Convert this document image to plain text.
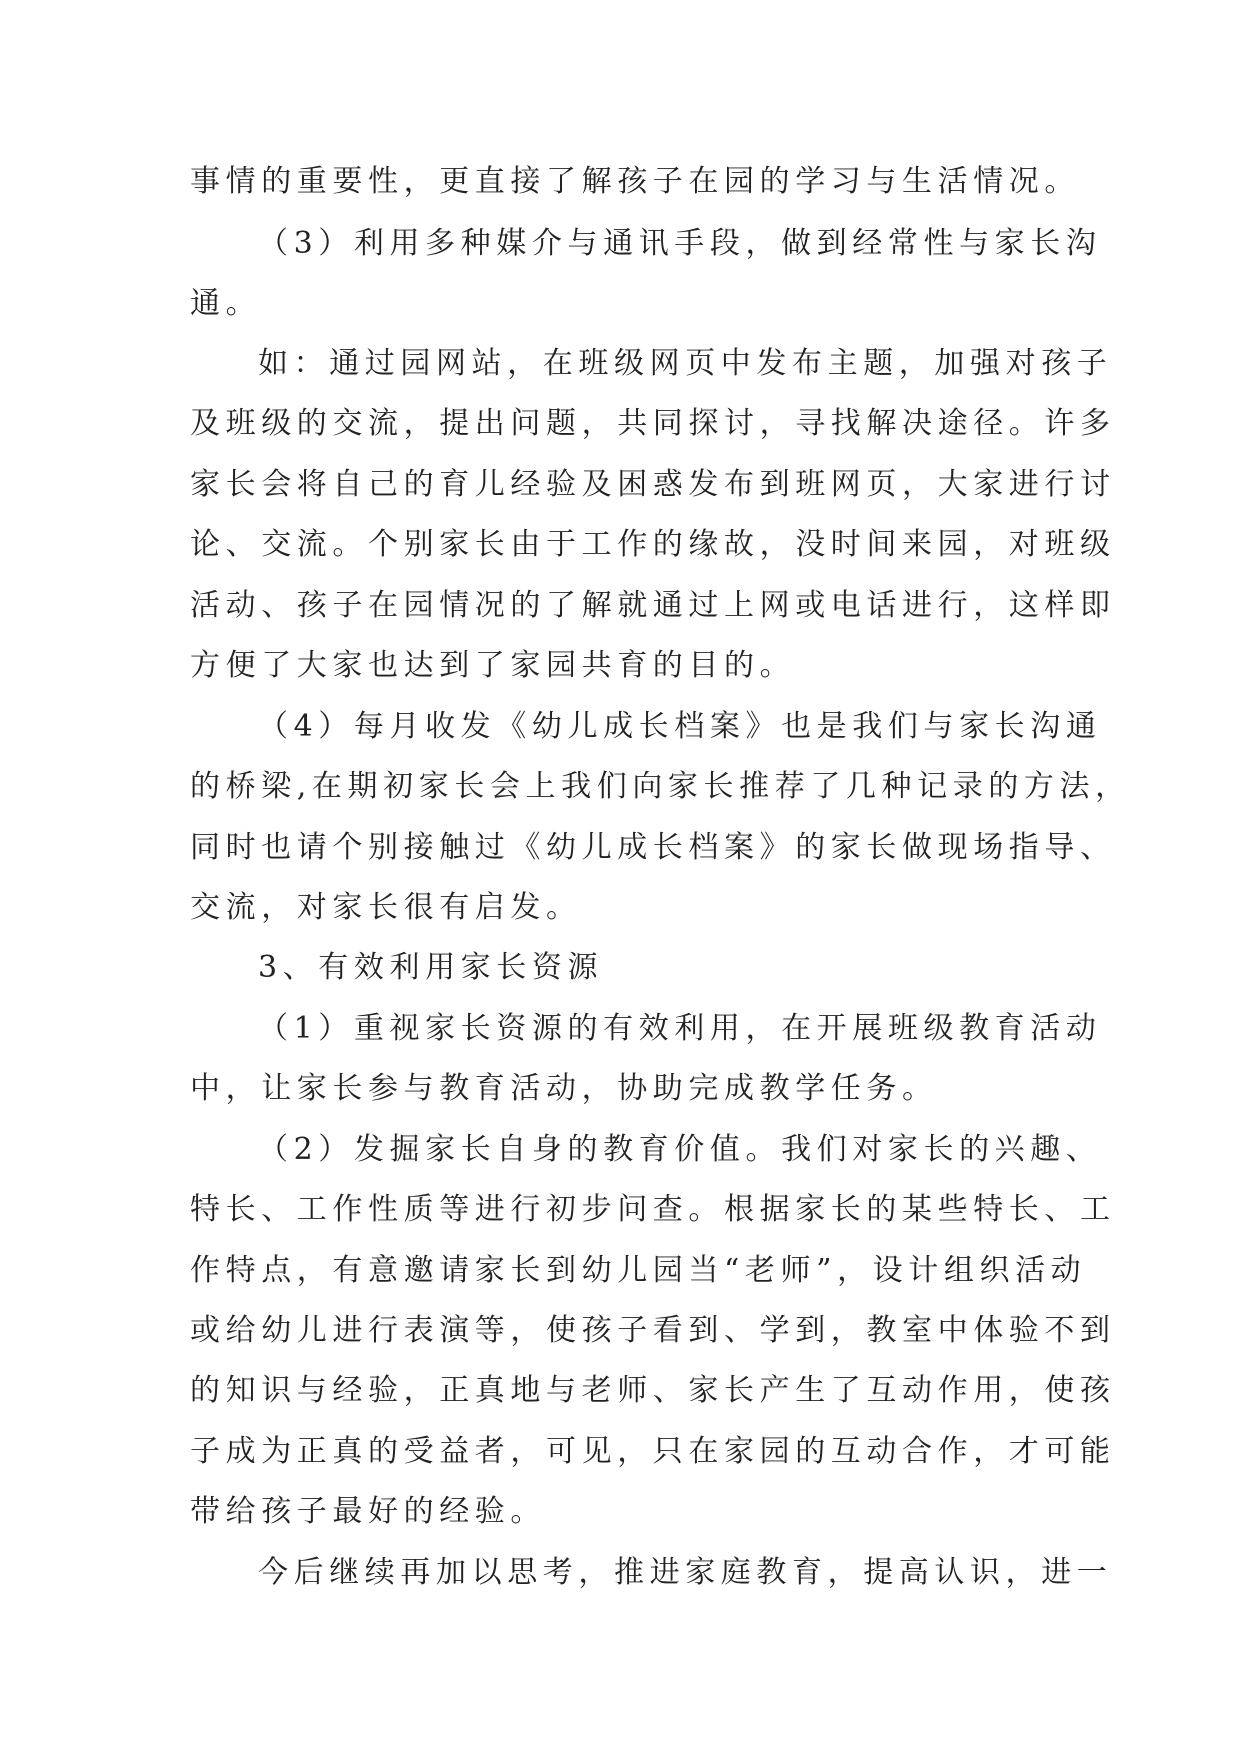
事情的重要性，更直接了解孩子在园的学习与生活情况。
（3）利用多种媒介与通讯手段，做到经常性与家长沟
通。
如：通过园网站，在班级网页中发布主题，加强对孩子
及班级的交流，提出问题，共同探讨，寻找解决途径。许多
家长会将自己的育儿经验及困惑发布到班网页，大家进行讨
论、交流。个别家长由于工作的缘故，没时间来园，对班级
活动、孩子在园情况的了解就通过上网或电话进行，这样即
方便了大家也达到了家园共育的目的。
（4）每月收发《幼儿成长档案》也是我们与家长沟通
的桥梁,在期初家长会上我们向家长推荐了几种记录的方法，
同时也请个别接触过《幼儿成长档案》的家长做现场指导、
交流，对家长很有启发。
3、有效利用家长资源
（1）重视家长资源的有效利用，在开展班级教育活动
中，让家长参与教育活动，协助完成教学任务。
（2）发掘家长自身的教育价值。我们对家长的兴趣、
特长、工作性质等进行初步问查。根据家长的某些特长、工
作特点，有意邀请家长到幼儿园当“老师”，设计组织活动
或给幼儿进行表演等，使孩子看到、学到，教室中体验不到
的知识与经验，正真地与老师、家长产生了互动作用，使孩
子成为正真的受益者，可见，只在家园的互动合作，才可能
带给孩子最好的经验。
今后继续再加以思考，推进家庭教育，提高认识，进一
